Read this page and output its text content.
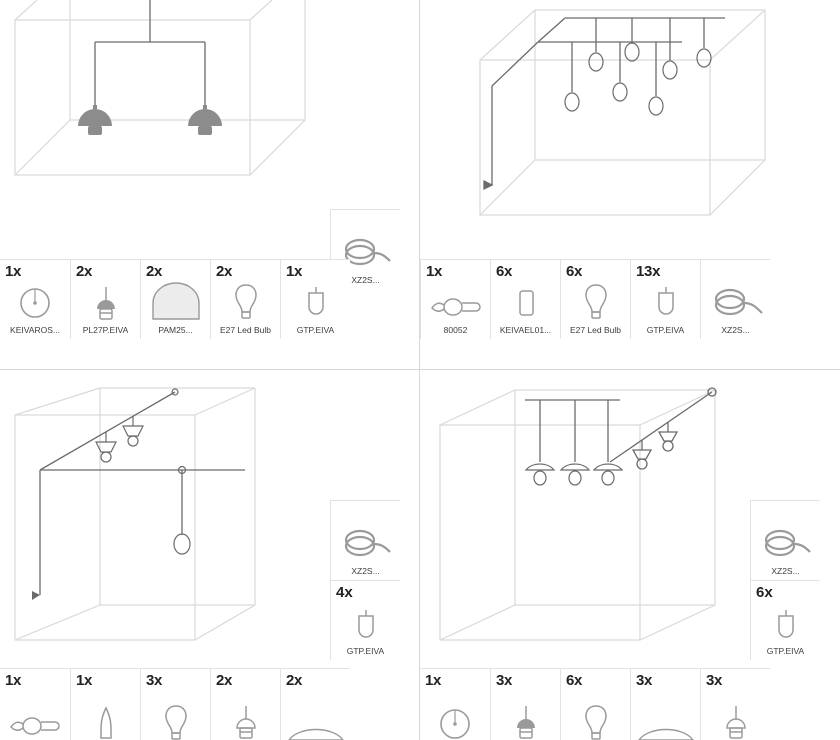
XZ2S...
1x
KEIVAROS...
2x
PL27P.EIVA
2x
PAM25...
2x
E27 Led Bulb
1x
GTP.EIVA
1x
80052
6x
KEIVAEL01...
6x
E27 Led Bulb
13x
GTP.EIVA	XZ2S...
XZ2S...
4x
GTP.EIVA
1x	1x	3x	2x	2x
XZ2S...
6x
GTP.EIVA
1x	3x	6x	3x	3x
